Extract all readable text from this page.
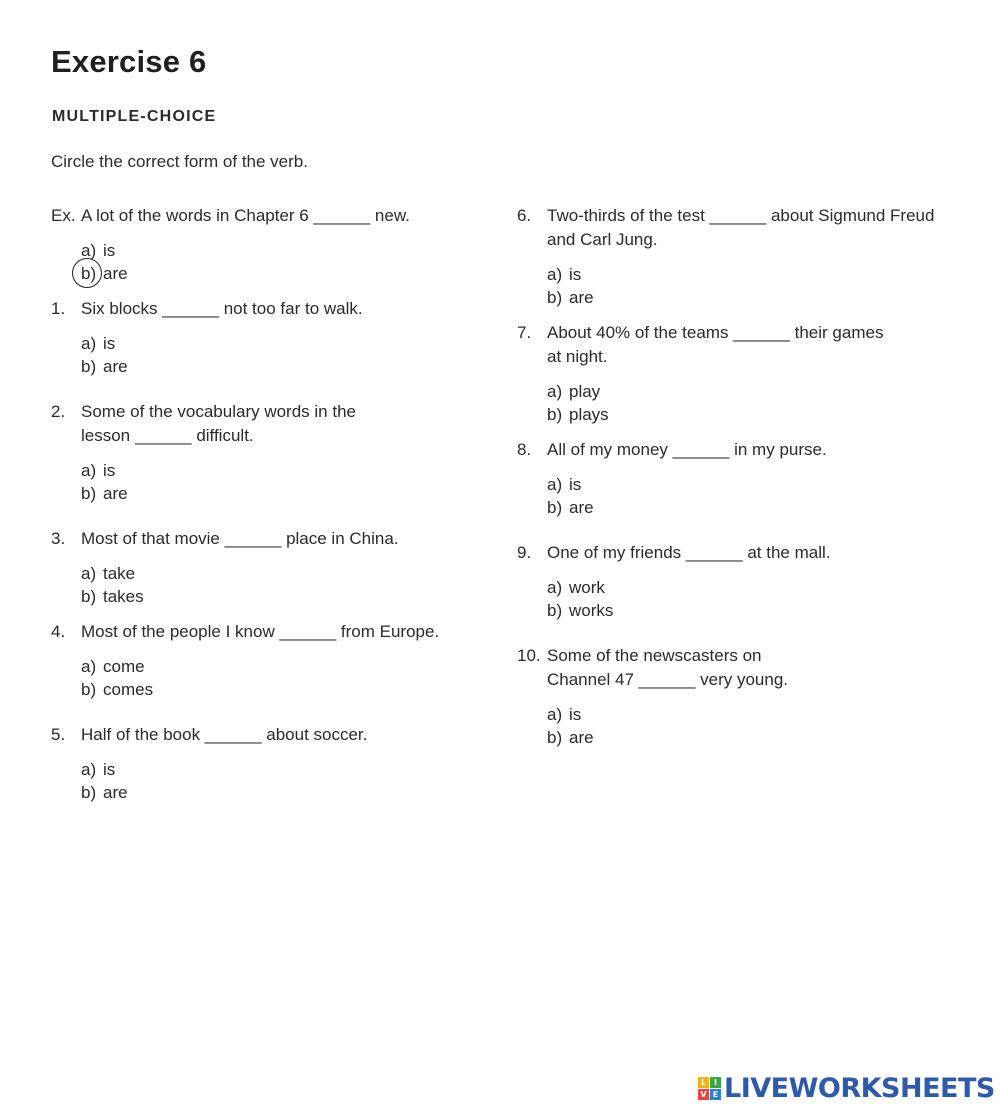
Exercise 6
MULTIPLE-CHOICE
Circle the correct form of the verb.
Ex. A lot of the words in Chapter 6 ______ new.
a) is
b) are
1. Six blocks ______ not too far to walk.
a) is
b) are
2. Some of the vocabulary words in the lesson ______ difficult.
a) is
b) are
3. Most of that movie ______ place in China.
a) take
b) takes
4. Most of the people I know ______ from Europe.
a) come
b) comes
5. Half of the book ______ about soccer.
a) is
b) are
6. Two-thirds of the test ______ about Sigmund Freud and Carl Jung.
a) is
b) are
7. About 40% of the teams ______ their games at night.
a) play
b) plays
8. All of my money ______ in my purse.
a) is
b) are
9. One of my friends ______ at the mall.
a) work
b) works
10. Some of the newscasters on Channel 47 ______ very young.
a) is
b) are
L I
V E LIVEWORKSHEETS
